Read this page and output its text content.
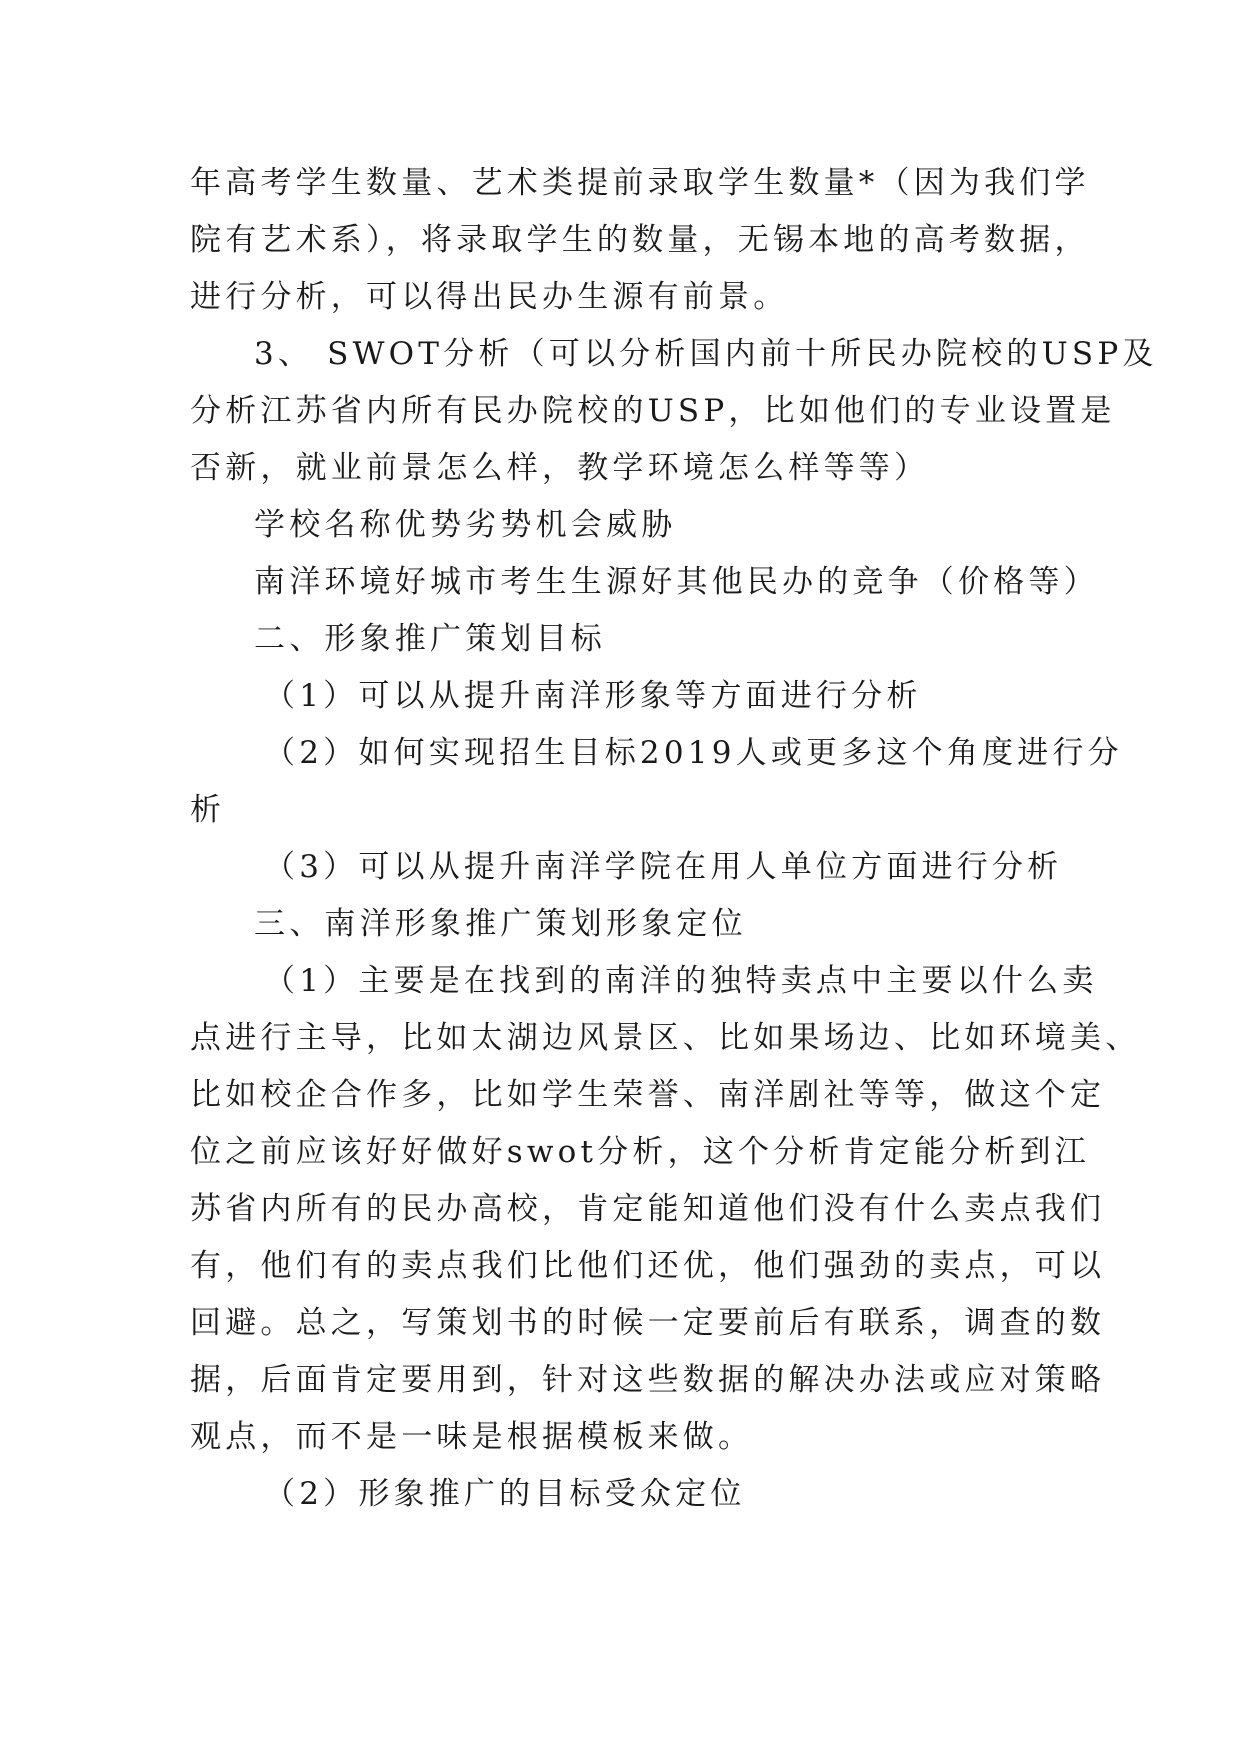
年高考学生数量、艺术类提前录取学生数量*（因为我们学
院有艺术系），将录取学生的数量，无锡本地的高考数据，
进行分析，可以得出民办生源有前景。
3、 SWOT分析（可以分析国内前十所民办院校的USP及
分析江苏省内所有民办院校的USP，比如他们的专业设置是
否新，就业前景怎么样，教学环境怎么样等等）
学校名称优势劣势机会威胁
南洋环境好城市考生生源好其他民办的竞争（价格等）
二、形象推广策划目标
（1）可以从提升南洋形象等方面进行分析
（2）如何实现招生目标2019人或更多这个角度进行分
析
（3）可以从提升南洋学院在用人单位方面进行分析
三、南洋形象推广策划形象定位
（1）主要是在找到的南洋的独特卖点中主要以什么卖
点进行主导，比如太湖边风景区、比如果场边、比如环境美、
比如校企合作多，比如学生荣誉、南洋剧社等等，做这个定
位之前应该好好做好swot分析，这个分析肯定能分析到江
苏省内所有的民办高校，肯定能知道他们没有什么卖点我们
有，他们有的卖点我们比他们还优，他们强劲的卖点，可以
回避。总之，写策划书的时候一定要前后有联系，调查的数
据，后面肯定要用到，针对这些数据的解决办法或应对策略
观点，而不是一味是根据模板来做。
（2）形象推广的目标受众定位
